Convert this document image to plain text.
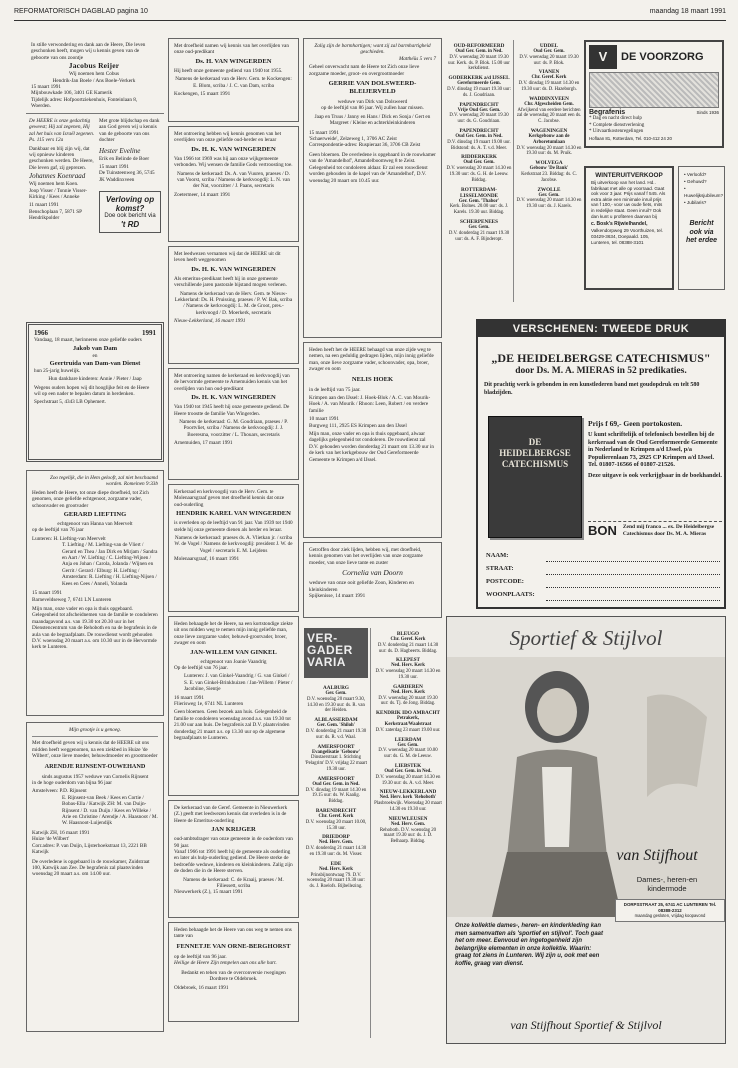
REFORMATORISCH DAGBLAD pagina 10	maandag 18 maart 1991
In stille verwondering en dank aan de Heere, Die leven geschonken heeft, mogen wij u kennis geven van de geboorte van ons zoontje
Jacobus Reijer
Wij noemen hem Cobus
Hendrik-Jan Boele / Ans Boele-Verkerk
15 maart 1991
Mijnbouwkade 106, 3401 GE Kamerik
Tijdelijk adres: Hofpoortziekenhuis, Fonteinlaan 8, Woerden.
De HEERE is onze gedachtig geweest; Hij zal zegenen, Hij zal het huis van Israël zegenen. Ps. 115 vers 12a
Dankbaar en blij zijn wij, dat wij opnieuw kinderen geschonken werden. De Heere, Die leven gaf, zij geprezen.
Johannes Koenraad
Wij noemen hem Koen.
Joop Visser / Tonnie Visser-Kirking / Kees / Anneke
11 maart 1991
Benschoplaan 7, 5871 SP Hendrikpolder
Met grote blijdschap en dank aan God geven wij u kennis van de geboorte van ons dochter
Hester Eveline
Erik en Belinde de Boer
15 maart 1991
De Tuinsteenweg 36, 5745 JK Waddinxveen
Verloving op komst?
Doe ook bericht via
't RD
1966	1991
Vandaag, 18 maart, herinneren onze geliefde ouders
Jakob van Dam
en
Geertruida van Dam-van Dienst
hun 25-jarig huwelijk.
Hun dankbare kinderen: Annie / Pieter / Jaap
Wegens ouders hopen wij dit hooglijke feit en de Heere wil op een nader te bepalen datum in herdenken.
Spechstraat 5, 4343 LB Ophemert.
Zoo tegelijk, die in Hem gelooft, zal niet beschaamd worden. Romeinen 9:33b
Heden heeft de Heere, tot onze diepe droefheid, tot Zich genomen, onze geliefde echtgenoot, zorgzame vader, schoonvader en grootvader
GERARD LIEFTING
echtgenoot van Hanna van Meervelt
op de leeftijd van 76 jaar
Lunteren: H. Liefting-van Meervelt
T. Liefting / M. Liefting-van de Vliert / Gerard en Thea / Jan Dirk en Mirjam / Sandra en Aart / W. Liefting / C. Liefting-Wijnen / Anja en Johan / Carola, Jolanda / Wijnen en Gerrit / Gerard / Elburg: H. Liefting / Amsterdam: R. Liefting / H. Liefting-Nijsen / Kees en Cees / Anneli, Yolanda
15 maart 1991
Barneveldseweg 7, 6741 LN Lunteren
Mijn man, onze vader en opa is thuis opgebaard. Gelegenheid tot afscheidnemen van de familie te condoleren maandagavond a.s. van 19.30 tot 20.30 uur in het Dienstencentrum van de Rehoboth en na de begrafenis in de aula van de begraafplaats. De rouwdienst wordt gehouden D.V. woensdag 20 maart a.s. om 10.30 uur in de Hervormde kerk te Lunteren.
Mijn grootje is u genoeg.
Met droefheid geven wij u kennis dat de HEERE uit ons midden heeft weggenomen, na een ziekbed in Huize 'de Wilbert', onze lieve moeder, behuwdmoeder en grootmoeder
ARENDJE RIJNSENT-OUWEHAND
sinds augustus 1957 weduwe van Cornelis Rijnsent
in de hoge ouderdom van bijna 96 jaar
Amstelveen: P.D. Rijnsent
E. Rijnsent-van Beek / Kees en Cortie / Bobas-Ella / Katwijk ZH: M. van Duijn-Rijnsent / D. van Duijn / Kees en Willeke / Arie en Christine / Arendje / A. Haasnoot / M. W. Haasnoot-Luijendijk
Katwijk ZH, 16 maart 1991
Huize 'de Wilbert'
Corr.adres: P. van Duijn, Lijsterhoekstraat 13, 2221 BB Katwijk
De overledene is opgebaard in de rouwkamer, Zuidstraat 100, Katwijk aan Zee. De begrafenis zal plaatsvinden woensdag 20 maart a.s. om 14.00 uur.
Met droefheid namen wij kennis van het overlijden van onze oud-predikant
Ds. H. VAN WINGERDEN
Hij heeft onze gemeente gediend van 1940 tot 1955.
Namens de kerkeraad van de Herv. Gem. te Kockengen: E. Blom, scriba / J. C. van Dam, scriba
Kockengen, 15 maart 1991
Met ontroering hebben wij kennis genomen van het overlijden van onze geliefde oud-herder en leraar
Ds. H. K. VAN WINGERDEN
Van 1966 tot 1969 was hij aan onze wijkgemeente verbonden. Wij wensen de familie Gods vertroosting toe.
Namens de kerkeraad: Ds. A. van Vuuren, praeses / D. van Voorst, scriba / Namens de kerkvoogdij: L. N. van der Nat, voorzitter / J. Paans, secretaris
Zoetermeer, 14 maart 1991
Met leedwezen vernamen wij dat de HEERE uit dit leven heeft weggenomen
Ds. H. K. VAN WINGERDEN
Als emeritus-predikant heeft hij in onze gemeente verschillende jaren pastorale bijstand mogen verlenen.
Namens de kerkeraad van de Herv. Gem. te Nieuw-Lekkerland: Ds. H. Pruissing, praeses / P. W. Bak, scriba / Namens de kerkvoogdij: L. M. de Groot, pres.-kerkvoogd / D. Moerkerk, secretaris
Nieuw-Lekkerland, 16 maart 1991
Met ontroering namen de kerkeraad en kerkvoogdij van de hervormde gemeente te Arnemuiden kennis van het overlijden van hun oud-predikant
Ds. H. K. VAN WINGERDEN
Van 1940 tot 1945 heeft hij onze gemeente gediend. De Heere troostte de familie Van Wingerden.
Namens de kerkeraad: G. M. Goudriaan, praeses / P. Poortvliet, scriba / Namens de kerkvoogdij: J. J. Boeresma, voorzitter / L. Thouars, secretaris
Arnemuiden, 17 maart 1991
Kerkeraad en kerkvoogdij van de Herv. Gem. te Molenaarsgraaf geven met droefheid kennis dat onze oud-ouderling
HENDRIK KAREL VAN WINGERDEN
is overleden op de leeftijd van 91 jaar. Van 1939 tot 1940 stelde hij onze gemeente dienen als herder en leraar.
Namens de kerkeraad: praeses ds. A. Vlietkan jr. / scriba W. de Vogel / Namens de kerkvoogdij: president J. W. de Vogel / secretaris E. M. Leijdens
Molenaarsgraaf, 16 maart 1991
Heden behaagde het de Heere, na een kortstondige ziekte uit ons midden weg te nemen mijn innig geliefde man, onze lieve zorgzame vader, behuwd-grootvader, broer, zwager en oom
JAN-WILLEM VAN GINKEL
echtgenoot van Joanie Vaandrig
Op de leeftijd van 76 jaar.
Lunteren: J. van Ginkel-Vaandrig / G. van Ginkel / S. E. van Ginkel-Brinkhuizen / Jan-Willem / Pieter / Jacobiine, Sientje
16 maart 1991
Flierisweg 1e, 6741 NL Lunteren
Geen bloemen. Geen bezoek aan huis. Gelegenheid de familie te condoleren woensdag avond a.s. van 19.30 tot 21.00 uur aan huis. De begrafenis zal D.V. plaatsvinden donderdag 21 maart a.s. op 13.30 uur op de algemene begraafplaats te Lunteren.
De kerkeraad van de Geref. Gemeente in Nieuwerkerk (Z.) geeft met leedwezen kennis dat overleden is in de Heere de Emeritus-ouderling
JAN KRIJGER
oud-ambtsdrager van onze gemeente in de ouderdom van 90 jaar.
Vanaf 1966 tot 1991 heeft hij de gemeente als ouderling en later als hulp-ouderling gediend. De Heere sterke de bedroefde weduwe, kinderen en kleinkinderen. Zalig zijn de doden die in de Heere sterven.
Namens de kerkeraad: C. de Kraaij, praeses / M. Filiessett, scriba
Nieuwerkerk (Z.), 15 maart 1991
Heden behaagde het de Heere van ons weg te nemen ons tante van
FENNETJE VAN ORNE-BERGHORST
op de leeftijd van 96 jaar.
Heilige de Heere Zijn tempelen aan ons alle hart.
Bedankt en tehen van de overconversie rwegingen Dordtere te Oldebroek.
Oldebroek, 16 maart 1991
Zalig zijn de barmhartigen; want zij zal barmhartigheid geschieden.
Matthéüs 5 vers 7
Geheel onverwacht nam de Heere tot Zich onze lieve zorgzame moeder, groot- en overgrootmoeder
GERRIE VAN DOLSWEERD-BLEIJERVELD
weduwe van Dirk van Dolsweerd
op de leeftijd van 86 jaar. Wij zullen haar missen.
Jaap en Truus / Janny en Hans / Dick en Sonja / Gert en Margreet / Kleine en achterkleinkinderen
15 maart 1991
'Schaerweide', Zelzeweg 1, 3706 AC Zeist
Correspondentie-adres: Ruspieraat 36, 3706 CB Zeist
Geen bloemen. De overledene is opgebaard in de rouwkamer van de 'Amandelhof', Amandelboomweg 8 te Zeist. Gelegenheid tot condoleren aldaar. Er zal een rouwdienst worden gehouden in de kapel van de 'Amandelhof', D.V. woensdag 20 maart om 10.45 uur.
Heden heeft het de HEERE behaagd van onze zijde weg te nemen, na een geduldig gedragen lijden, mijn innig geliefde man, onze lieve zorgzame vader, schoonvader, opa, broer, zwager en oom
NELIS HOEK
in de leeftijd van 75 jaar.
Krimpen aan den IJssel: J. Hoek-Blok / A. C. van Mourik-Hoek / A. van Mourik / Rhoon: Leen, Robert / en verdere familie
10 maart 1991
Burgweg 111, 2925 ES Krimpen aan den IJssel
Mijn man, onze vader en opa is thuis opgebaard, alwaar dagelijks gelegenheid tot condoleren. De rouwdienst zal D.V. gehouden worden donderdag 21 maart om 13.30 uur in de kerk van het kerkgebouw der Oud Gereformeerde Gemeente te Krimpen a/d IJssel.
Getroffen door ziek lijden, hebben wij, met droefheid, kennis genomen van het overlijden van onze zorgzame moeder, van onze lieve tante en zuster
Cornelia van Doorn
weduwe van onze ooit geliefde Zoon, Kinderen en kleinkinderen
Spijkenisse, 14 maart 1991
OUD-REFORMEERD
Oud Ger. Gem. in Ned.
D.V. woensdag 20 maart 19.30 uur. Kerk. ds. P. Blok. 15.00 uur kerkdienst.
GODERKERK a/d IJSSEL
Gereformeerde Gem.
D.V. dinsdag 19 maart 19.30 uur: ds. J. Goudriaan.
PAPENDRECHT
Vrije Oud Ger. Gem.
D.V. woensdag 20 maart 19.30 uur: ds. G. Goudriaan.
PAPENDRECHT
Oud Ger. Gem. in Ned.
D.V. dinsdag 19 maart 19.00 uur. Bidstond: ds. A. T. v.d. Meer.
RIDDERKERK
Oud Ger. Gem.
D.V. woensdag 20 maart 14.30 en 19.30 uur: ds. G. H. de Leeuw. Biddag.
ROTTERDAM-LISSELMONDE
Ger. Gem. 'Thabor'
Kerk. Bolnes. 20.00 uur: ds. J. Karels. 19.30 uur. Biddag.
SCHERPENEES
Ger. Gem.
D.V. donderdag 21 maart 19.30 uur: ds. A. F. Bijnderopt.
UDDEL
Oud Ger. Gem.
D.V. woensdag 20 maart 19.30 uur: ds. P. Blok.
VIANEN
Chr. Geref. Kerk
D.V. dinsdag 19 maart 14.30 en 19.30 uur: ds. D. Hazeborgh.
WADDINXVEEN
Chr. Afgescheiden Gem.
Afwijkend van eerdere berichten zal de woensdag 20 maart een ds. C. Jacobse.
WAGENINGEN
Kerkgebouw aan de Arboretumlaan
D.V. woensdag 20 maart 14.30 en 19.30 uur: ds. M. Pruik.
WOLVEGA
Gebouw 'De Bank'
Kerkstraat 23. Biddag: ds. C. Jacobse.
ZWOLLE
Ger. Gem.
D.V. woensdag 20 maart 14.30 en 19.30 uur: ds. J. Karels.
VER-GADER VARIA
AALBURG
Ger. Gem.
D.V. woensdag 20 maart 9.30, 14.30 en 19.30 uur: ds. R. van der Heiden.
ALBLASSERDAM
Ger. Gem. 'Shiloh'
D.V. donderdag 21 maart 19.30 uur: ds. R. v.d. Waal.
AMERSFOORT
Evangelisatie 'Gebouw'
Dinstaerstraat 1. Stichting 'Pelagrim' D.V. vrijdag 22 maart 19.30 uur.
AMERSFOORT
Oud Ger. Gem. in Ned.
D.V. dinsdag 19 maart 14.30 en 19.15 uur: ds. W. Kaalig. Biddag.
BARENDRECHT
Chr. Geref. Kerk
D.V. woensdag 20 maart 10.00, 15.30 uur.
DRIEDORP
Ned. Herv. Gem.
D.V. donderdag 21 maart 14.30 en 19.30 uur: ds. M. Visser.
EDE
Ned. Herv. Kerk
Prinsbijnontwaag 79. D.V. woensdag 20 maart 19.30 uur: ds. J. Roelofs. Bijbellezing.
BLEUGO
Chr. Geref. Kerk
D.V. donderdag 21 maart 14.30 uur: ds. D. Hagbeerts. Biddag.
KLEPEST
Ned. Herv. Kerk
D.V. woensdag 20 maart 14.30 en 19.30 uur.
GARDEREN
Ned. Herv. Kerk
D.V. woensdag 20 maart 19.30 uur: ds. Tj. de Jong. Biddag.
KENDRIK IDO AMBACHT
Petrakerk, Kerkstraat/Waalstraat
D.V. zaterdag 23 maart 19.00 uur.
LEERDAM
Ger. Gem.
D.V. woensdag 20 maart 10.00 uur: ds. G. M. de Leeuw.
LIEBSTEK
Oud Ger. Gem. in Ned.
D.V. woensdag 20 maart 14.30 en 19.30 uur: ds. A. v.d. Meer.
NIEUW-LEKKERLAND
Ned. Herv. kerk 'Rehoboth'
Plasbroekwijk. Woensdag 20 maart 14.30 en 19.30 uur.
NIEUWLEUSEN
Ned. Herv. Gem.
Rehoboth. D.V. woensdag 20 maart 19.30 uur: ds. J. D. Belhaarp. Biddag.
V	DE VOORZORG
Begrafenis	Sinds 1936
* Dag en nacht direct hulp
* Complete dienstverlening
* Uitvaartkostenregelingen
Hoflaan 81, Rotterdam, Tel. 010-412 24 20
WINTERUITVERKOOP
Bij uitverkoop van het land. Hd.. fabrikaat met alle op voorraad. Gaat ook voor 3 jaar. Prijs vanaf f 545. Als extra aktie een minimale inruil prijs van f 100,- voor uw oude fiets, mits in redelijke staat. Geen inruil? Ook dan kunt u profiteren daarvan bij
c. Bosk's Rijwielhandel,
Valkendorpweg 29 Voorthuizen, tel. 03429-3634, Doepaald. 105, Lunteren, tel. 08388-3101
• Verloofd?
• Gehuwd?
• Huwelijksjubileum?
• Jubilaris?
Bericht ook via het erdee
VERSCHENEN: TWEEDE DRUK
„DE HEIDELBERGSE CATECHISMUS"
door Ds. M. A. MIERAS in 52 predikaties.
Dit prachtig werk is gebonden in een kunstlederen band met goudopdruk en telt 580 bladzijden.
DE HEIDELBERGSE CATECHISMUS
Prijs f 69,- Geen portokosten.
U kunt schriftelijk of telefonisch bestellen bij de kerkeraad van de Oud Gereformeerde Gemeente in Nederland te Krimpen a/d IJssel, p/a Populierenlaan 73, 2925 CP Krimpen a/d IJssel. Tel. 01807-16566 of 01807-21526.
Deze uitgave is ook verkrijgbaar in de boekhandel.
BON Zend mij franco ... ex. De Heidelbergse Catechismus door Ds. M. A. Mieras
NAAM:
STRAAT:
POSTCODE:
WOONPLAATS:
Sportief & Stijlvol
van Stijfhout
Dames-, heren-en kindermode
DORPSSTRAAT 25, 6741 AC LUNTEREN Tel. 08388-2312
maandag gesloten, vrijdag koopavond
Onze kollektie dames-, heren- en kinderkleding kan men samenvatten als 'sportief en stijlvol'. Toch gaat het om meer. Eenvoud en ingetogenheid zijn belangrijke elementen in onze kollektie. Waarin: graag tot ziens in Lunteren. Wij zijn u, ook met een koffie, graag van dienst.
van Stijfhout Sportief & Stijlvol
